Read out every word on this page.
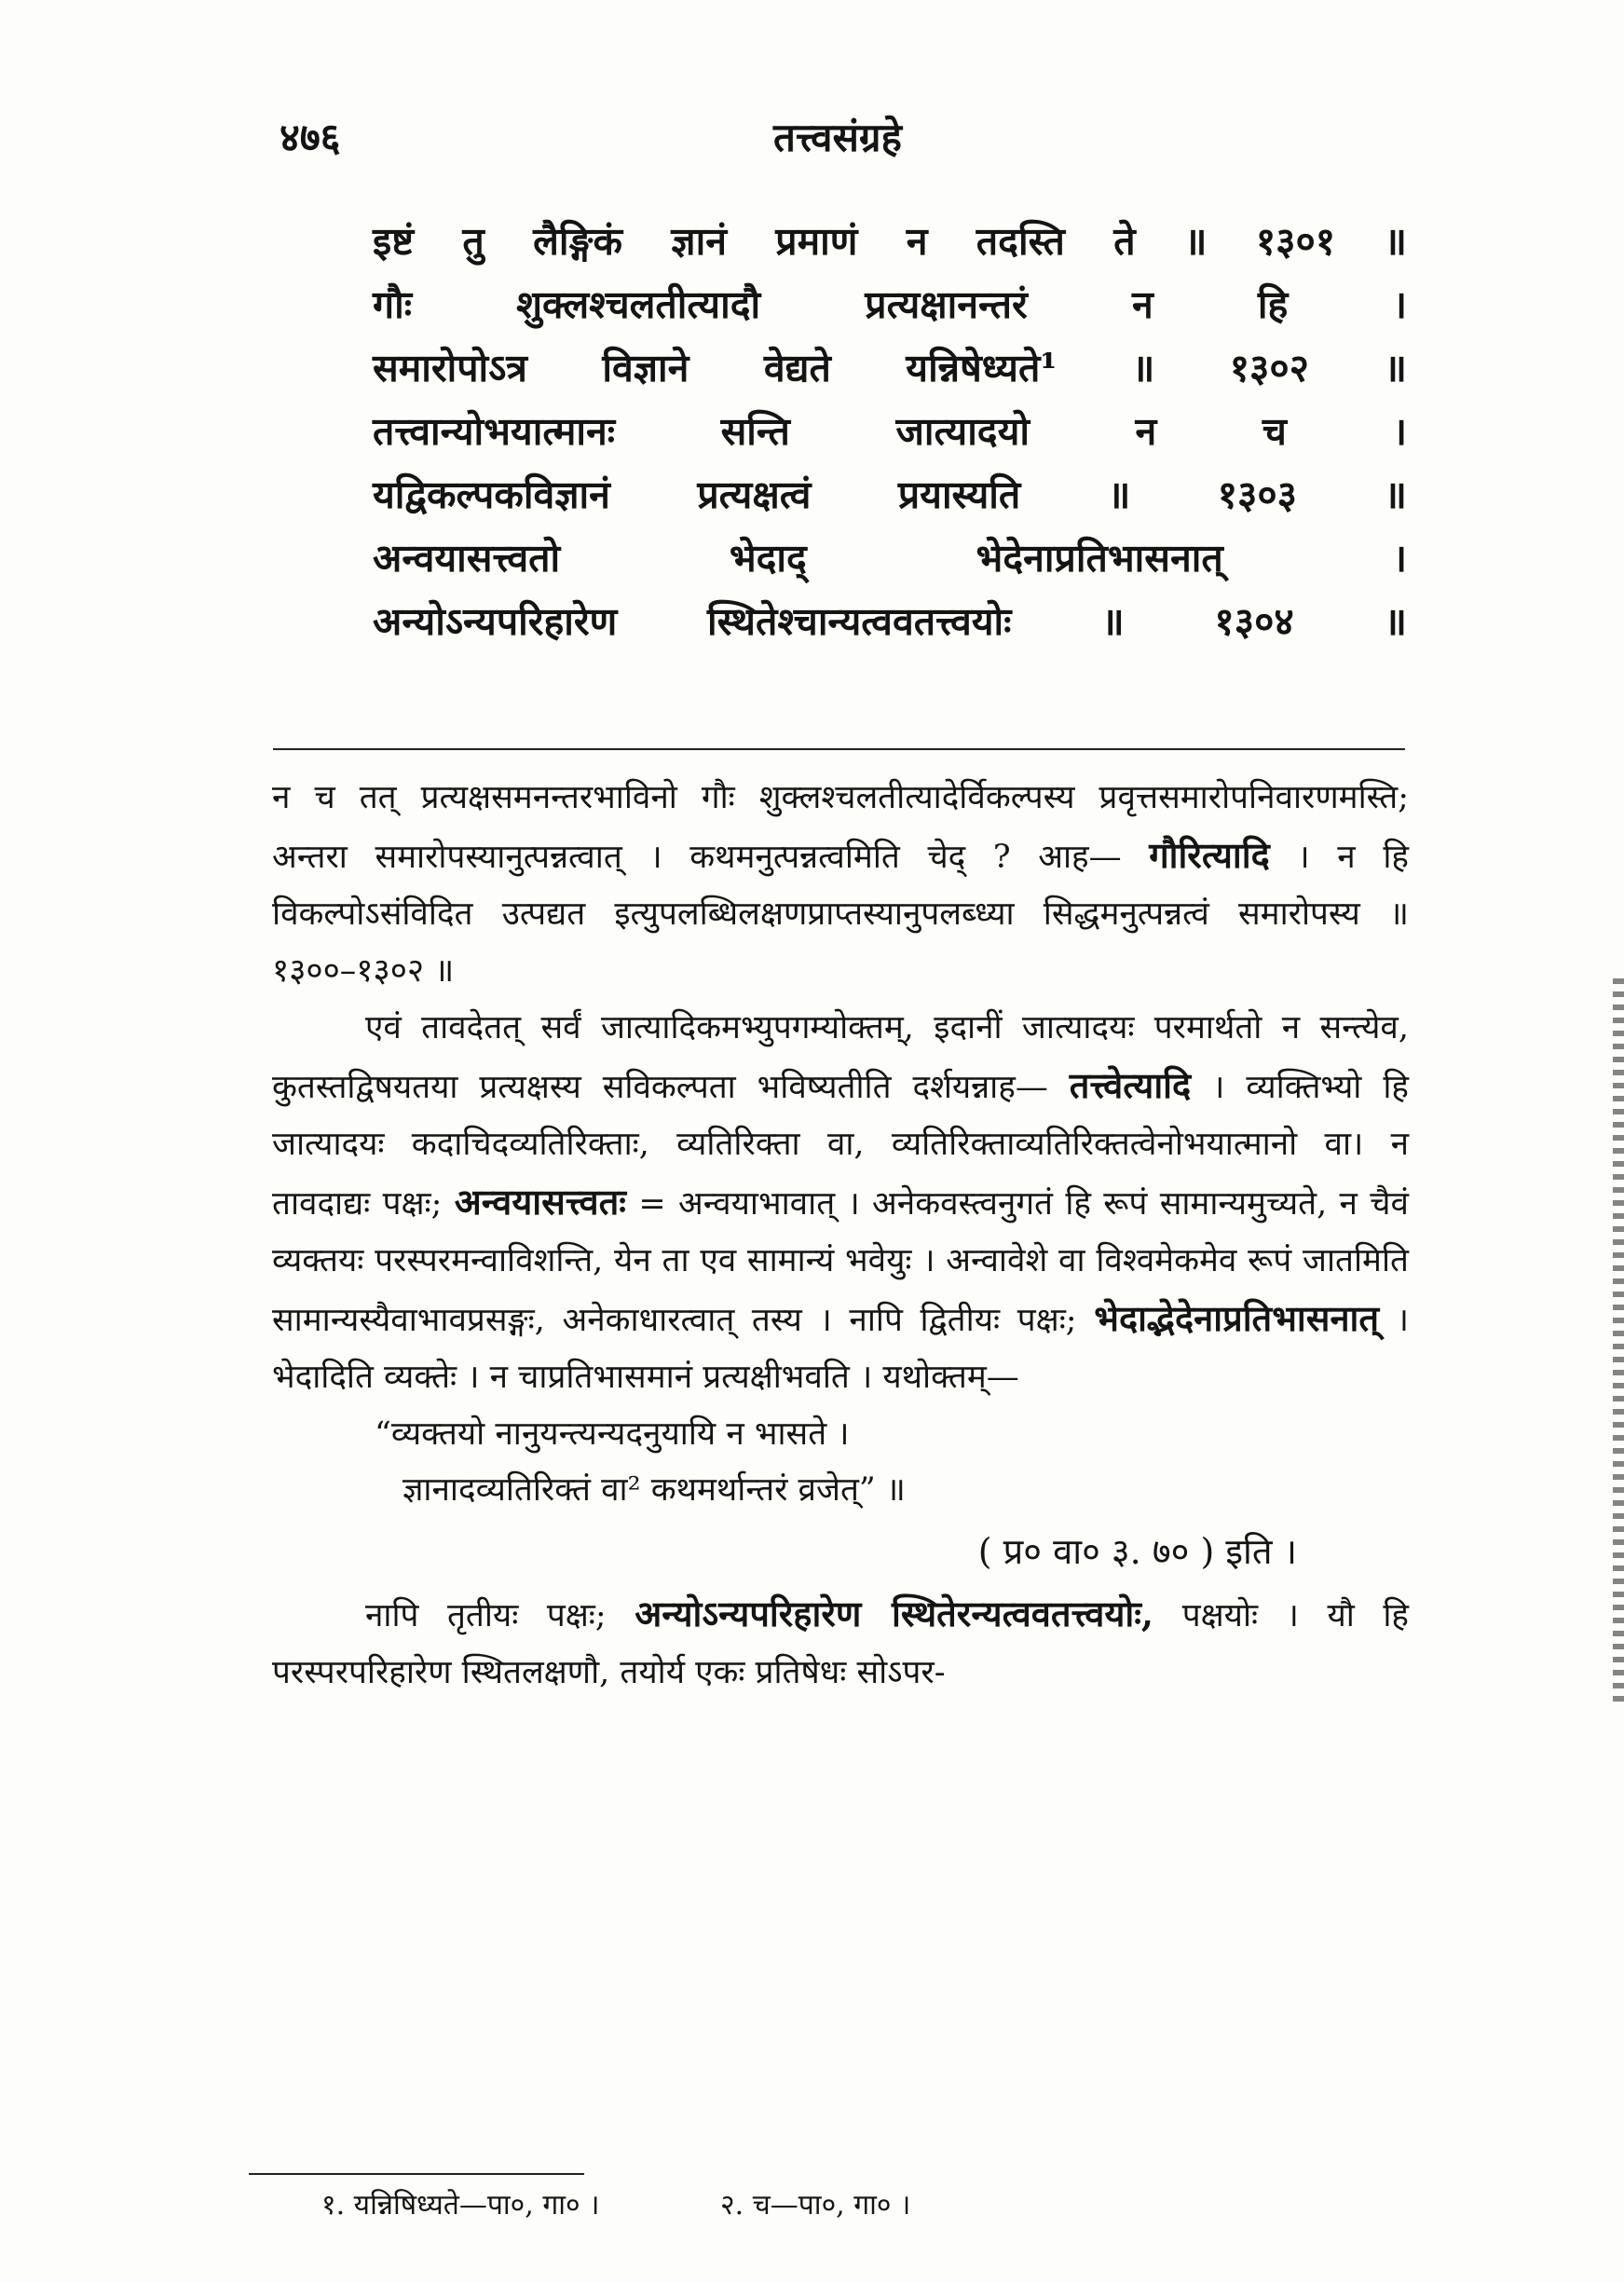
४७६	तत्त्वसंग्रहे
इष्टं तु लैङ्गिकं ज्ञानं प्रमाणं न तदस्ति ते ॥ १३०१ ॥
गौः शुक्लश्चलतीत्यादौ प्रत्यक्षानन्तरं न हि ।
समारोपोऽत्र विज्ञाने वेद्यते यन्निषेध्यते¹ ॥ १३०२ ॥
तत्त्वान्योभयात्मानः सन्ति जात्यादयो न च ।
यद्विकल्पकविज्ञानं प्रत्यक्षत्वं प्रयास्यति ॥ १३०३ ॥
अन्वयासत्त्वतो भेदाद् भेदेनाप्रतिभासनात् ।
अन्योऽन्यपरिहारेण स्थितेश्चान्यत्ववतत्त्वयोः ॥ १३०४ ॥

न च तत् प्रत्यक्षसमनन्तरभाविनो गौः शुक्लश्चलतीत्यादेर्विकल्पस्य प्रवृत्तसमारोपनिवारणमस्ति; अन्तरा समारोपस्यानुत्पन्नत्वात् । कथमनुत्पन्नत्वमिति चेद् ? आह— गौरित्यादि । न हि विकल्पोऽसंविदित उत्पद्यत इत्युपलब्धिलक्षणप्राप्तस्यानुपलब्ध्या सिद्धमनुत्पन्नत्वं समारोपस्य ॥ १३००–१३०२ ॥

एवं तावदेतत् सर्वं जात्यादिकमभ्युपगम्योक्तम्, इदानीं जात्यादयः परमार्थतो न सन्त्येव, कुतस्तद्विषयतया प्रत्यक्षस्य सविकल्पता भविष्यतीति दर्शयन्नाह— तत्त्वेत्यादि । व्यक्तिभ्यो हि जात्यादयः कदाचिदव्यतिरिक्ताः, व्यतिरिक्ता वा, व्यतिरिक्ताव्यतिरिक्तत्वेनोभयात्मानो वा। न तावदाद्यः पक्षः; अन्वयासत्त्वतः = अन्वयाभावात् । अनेकवस्त्वनुगतं हि रूपं सामान्यमुच्यते, न चैवं व्यक्तयः परस्परमन्वाविशन्ति, येन ता एव सामान्यं भवेयुः । अन्वावेशे वा विश्वमेकमेव रूपं जातमिति सामान्यस्यैवाभावप्रसङ्गः, अनेकाधारत्वात् तस्य । नापि द्वितीयः पक्षः; भेदाद्भेदेनाप्रतिभासनात् । भेदादिति व्यक्तेः । न चाप्रतिभासमानं प्रत्यक्षीभवति । यथोक्तम्—

“व्यक्तयो नानुयन्त्यन्यदनुयायि न भासते ।

ज्ञानादव्यतिरिक्तं वा² कथमर्थान्तरं व्रजेत्” ॥

( प्र० वा० ३. ७० ) इति ।

नापि तृतीयः पक्षः; अन्योऽन्यपरिहारेण स्थितेरन्यत्ववतत्त्वयोः, पक्षयोः । यौ हि परस्परपरिहारेण स्थितलक्षणौ, तयोर्य एकः प्रतिषेधः सोऽपर-

१. यन्निषिध्यते—पा०, गा० ।	२. च—पा०, गा० ।
